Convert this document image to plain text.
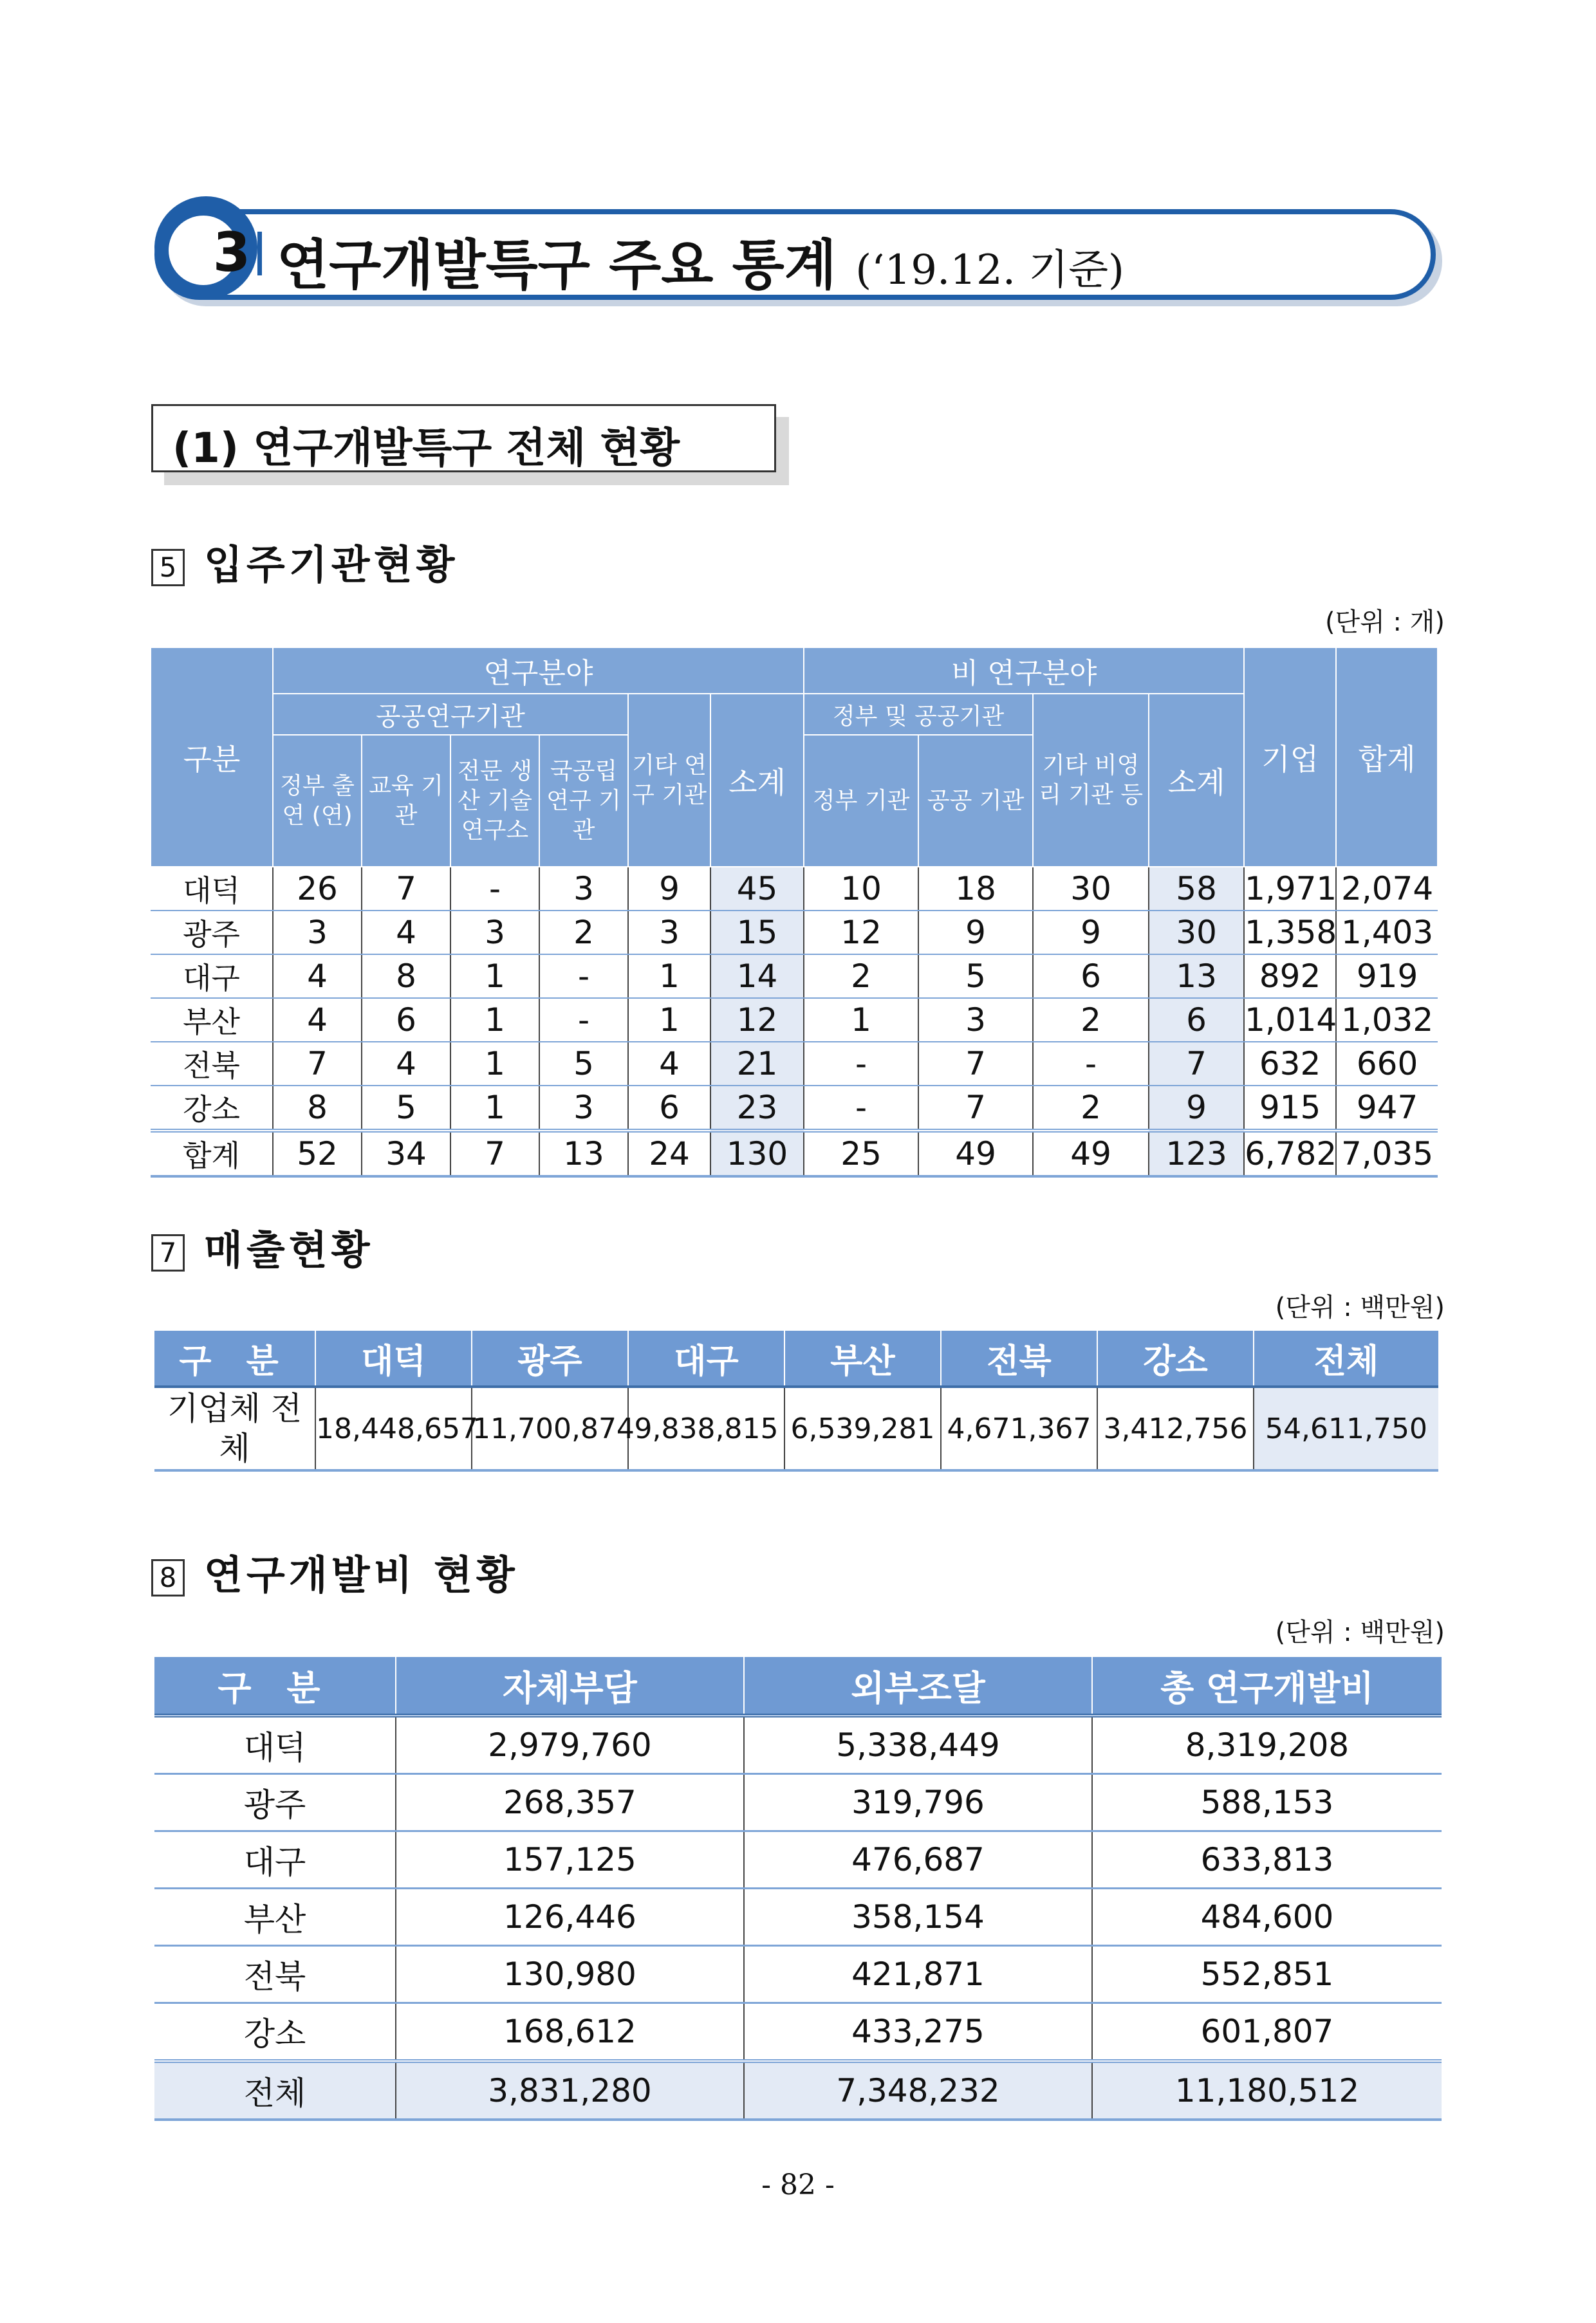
3 연구개발특구 주요 통계 (‘19.12. 기준)
(1) 연구개발특구 전체 현황
5 입주기관현황
(단위 : 개)
구분	연구분야						비 연구분야				기업	합계
	공공연구기관				기타 연구 기관	소계	정부 및 공공기관		기타 비영리 기관 등	소계		
	정부 출연 (연)	교육 기관	전문 생산 기술 연구소	국공립 연구 기관			정부 기관	공공 기관				
대덕	26	7	-	3	9	45	10	18	30	58	1,971	2,074
광주	3	4	3	2	3	15	12	9	9	30	1,358	1,403
대구	4	8	1	-	1	14	2	5	6	13	892	919
부산	4	6	1	-	1	12	1	3	2	6	1,014	1,032
전북	7	4	1	5	4	21	-	7	-	7	632	660
강소	8	5	1	3	6	23	-	7	2	9	915	947
합계	52	34	7	13	24	130	25	49	49	123	6,782	7,035
7 매출현황
(단위 : 백만원)
구 분	대덕	광주	대구	부산	전북	강소	전체
기업체 전체	18,448,657	11,700,874	9,838,815	6,539,281	4,671,367	3,412,756	54,611,750
8 연구개발비 현황
(단위 : 백만원)
구 분	자체부담	외부조달	총 연구개발비
대덕	2,979,760	5,338,449	8,319,208
광주	268,357	319,796	588,153
대구	157,125	476,687	633,813
부산	126,446	358,154	484,600
전북	130,980	421,871	552,851
강소	168,612	433,275	601,807
전체	3,831,280	7,348,232	11,180,512
- 82 -
